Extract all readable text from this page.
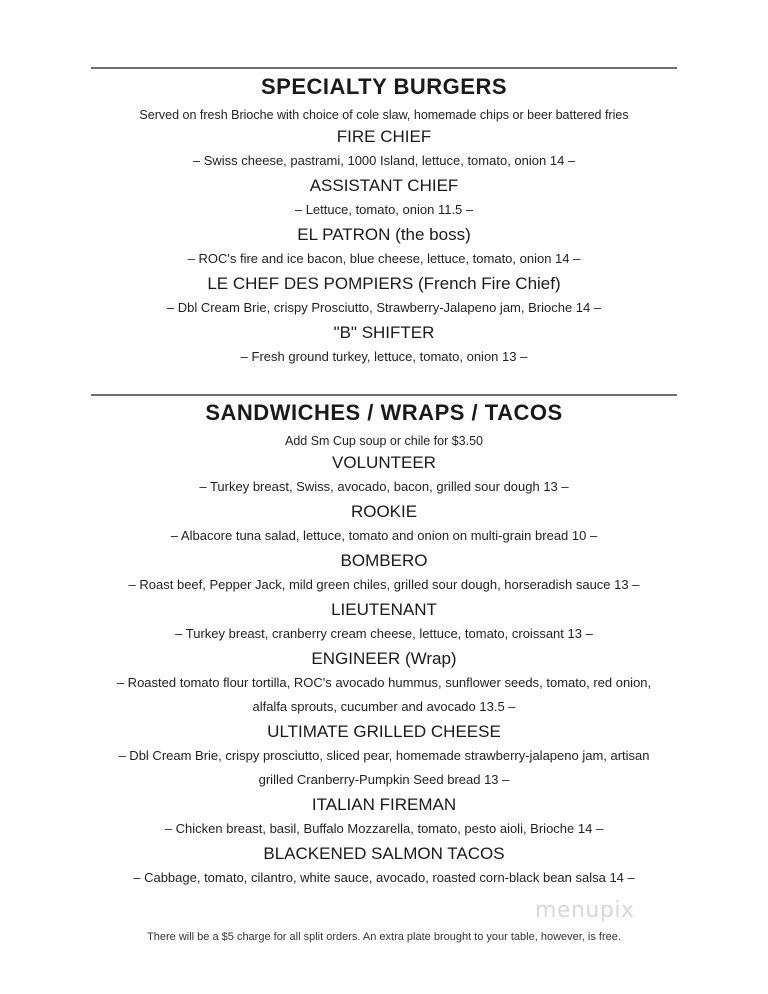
SPECIALTY BURGERS

Served on fresh Brioche with choice of cole slaw, homemade chips or beer battered fries

FIRE CHIEF

– Swiss cheese, pastrami, 1000 Island, lettuce, tomato, onion 14 –

ASSISTANT CHIEF

– Lettuce, tomato, onion 11.5 –

EL PATRON (the boss)

– ROC's fire and ice bacon, blue cheese, lettuce, tomato, onion 14 –

LE CHEF DES POMPIERS (French Fire Chief)

– Dbl Cream Brie, crispy Prosciutto, Strawberry-Jalapeno jam, Brioche 14 –

"B" SHIFTER

– Fresh ground turkey, lettuce, tomato, onion 13 –

SANDWICHES / WRAPS / TACOS

Add Sm Cup soup or chile for $3.50

VOLUNTEER

– Turkey breast, Swiss, avocado, bacon, grilled sour dough 13 –

ROOKIE

– Albacore tuna salad, lettuce, tomato and onion on multi-grain bread 10 –

BOMBERO

– Roast beef, Pepper Jack, mild green chiles, grilled sour dough, horseradish sauce 13 –

LIEUTENANT

– Turkey breast, cranberry cream cheese, lettuce, tomato, croissant 13 –

ENGINEER (Wrap)

– Roasted tomato flour tortilla, ROC's avocado hummus, sunflower seeds, tomato, red onion, alfalfa sprouts, cucumber and avocado 13.5 –

ULTIMATE GRILLED CHEESE

– Dbl Cream Brie, crispy prosciutto, sliced pear, homemade strawberry-jalapeno jam, artisan grilled Cranberry-Pumpkin Seed bread 13 –

ITALIAN FIREMAN

– Chicken breast, basil, Buffalo Mozzarella, tomato, pesto aioli, Brioche 14 –

BLACKENED SALMON TACOS

– Cabbage, tomato, cilantro, white sauce, avocado, roasted corn-black bean salsa 14 –

menupix
There will be a $5 charge for all split orders. An extra plate brought to your table, however, is free.
